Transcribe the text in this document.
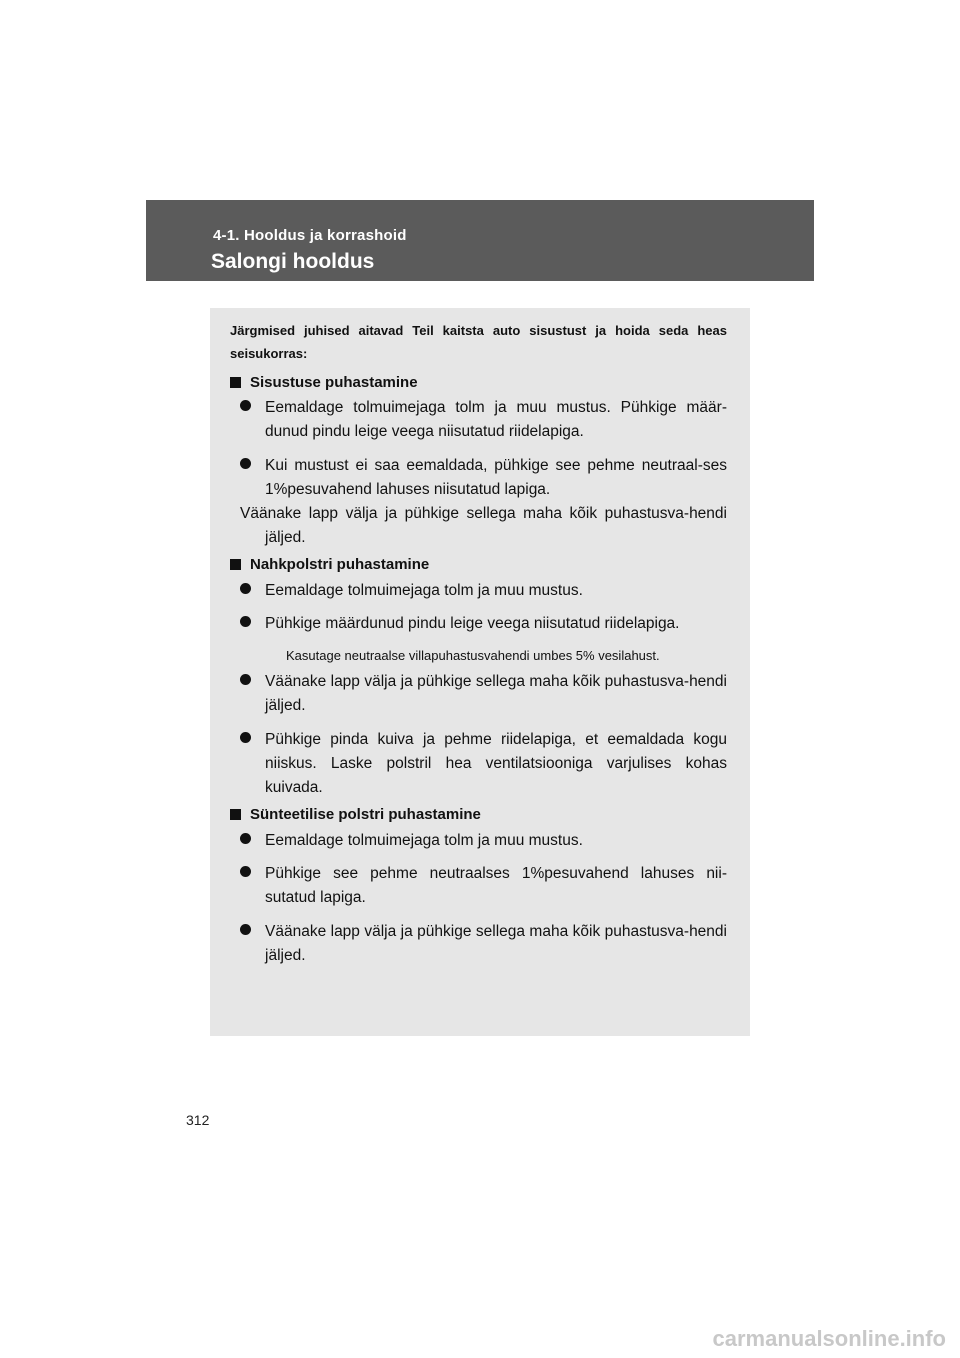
4-1. Hooldus ja korrashoid
Salongi hooldus
Järgmised juhised aitavad Teil kaitsta auto sisustust ja hoida seda heas seisukorras:
Sisustuse puhastamine
Eemaldage tolmuimejaga tolm ja muu mustus. Pühkige määr-dunud pindu leige veega niisutatud riidelapiga.
Kui mustust ei saa eemaldada, pühkige see pehme neutraal-ses 1%pesuvahend lahuses niisutatud lapiga.
Väänake lapp välja ja pühkige sellega maha kõik puhastusva-hendi jäljed.
Nahkpolstri puhastamine
Eemaldage tolmuimejaga tolm ja muu mustus.
Pühkige määrdunud pindu leige veega niisutatud riidelapiga.
Kasutage neutraalse villapuhastusvahendi umbes 5% vesilahust.
Väänake lapp välja ja pühkige sellega maha kõik puhastusva-hendi jäljed.
Pühkige pinda kuiva ja pehme riidelapiga, et eemaldada kogu niiskus. Laske polstril hea ventilatsiooniga varjulises kohas kuivada.
Sünteetilise polstri puhastamine
Eemaldage tolmuimejaga tolm ja muu mustus.
Pühkige see pehme neutraalses 1%pesuvahend lahuses nii-sutatud lapiga.
Väänake lapp välja ja pühkige sellega maha kõik puhastusva-hendi jäljed.
312
carmanualsonline.info
